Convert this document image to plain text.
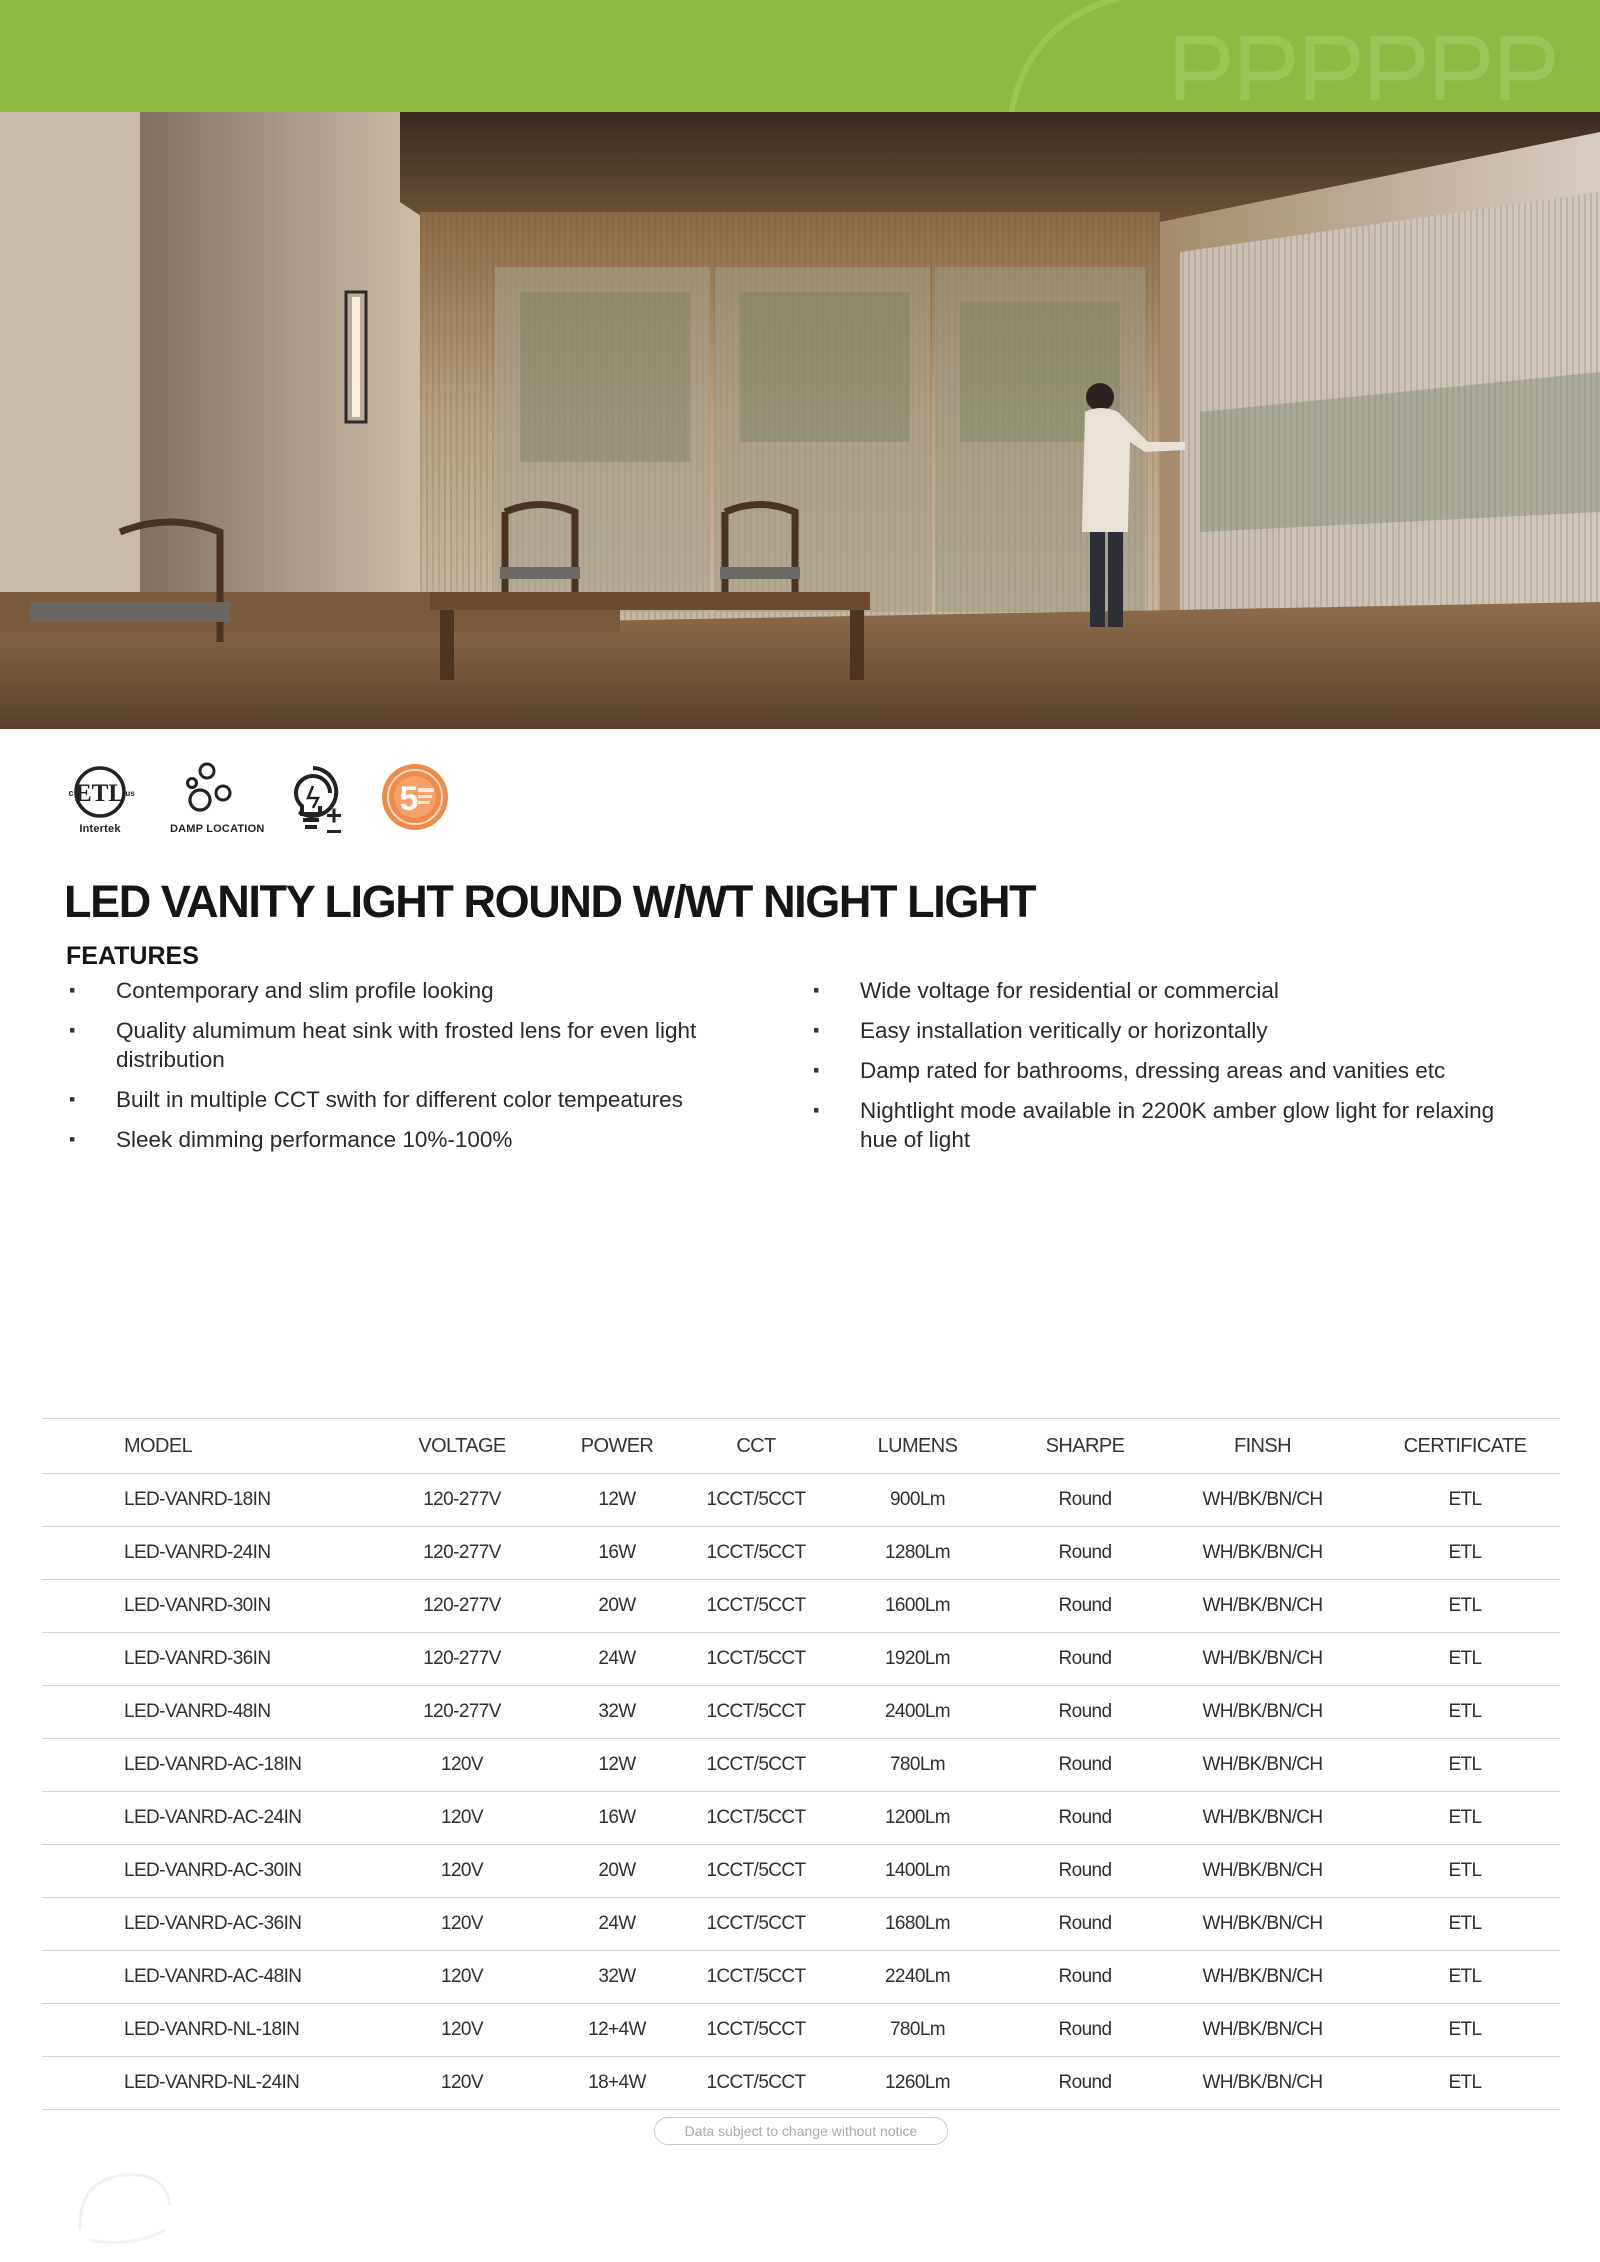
ETL
c	us
Intertek	DAMP LOCATION
5
LED VANITY LIGHT ROUND W/WT NIGHT LIGHT
FEATURES
▪ Contemporary and slim profile looking
▪ Quality alumimum heat sink with frosted lens for even light distribution
▪ Built in multiple CCT swith for different color tempeatures
▪ Sleek dimming performance 10%-100%
▪ Wide voltage for residential or commercial
▪ Easy installation veritically or horizontally
▪ Damp rated for bathrooms, dressing areas and vanities etc
▪ Nightlight mode available in 2200K amber glow light for relaxing hue of light
MODEL	VOLTAGE	POWER	CCT	LUMENS	SHARPE	FINSH	CERTIFICATE
LED-VANRD-18IN	120-277V	12W	1CCT/5CCT	900Lm	Round	WH/BK/BN/CH	ETL
LED-VANRD-24IN	120-277V	16W	1CCT/5CCT	1280Lm	Round	WH/BK/BN/CH	ETL
LED-VANRD-30IN	120-277V	20W	1CCT/5CCT	1600Lm	Round	WH/BK/BN/CH	ETL
LED-VANRD-36IN	120-277V	24W	1CCT/5CCT	1920Lm	Round	WH/BK/BN/CH	ETL
LED-VANRD-48IN	120-277V	32W	1CCT/5CCT	2400Lm	Round	WH/BK/BN/CH	ETL
LED-VANRD-AC-18IN	120V	12W	1CCT/5CCT	780Lm	Round	WH/BK/BN/CH	ETL
LED-VANRD-AC-24IN	120V	16W	1CCT/5CCT	1200Lm	Round	WH/BK/BN/CH	ETL
LED-VANRD-AC-30IN	120V	20W	1CCT/5CCT	1400Lm	Round	WH/BK/BN/CH	ETL
LED-VANRD-AC-36IN	120V	24W	1CCT/5CCT	1680Lm	Round	WH/BK/BN/CH	ETL
LED-VANRD-AC-48IN	120V	32W	1CCT/5CCT	2240Lm	Round	WH/BK/BN/CH	ETL
LED-VANRD-NL-18IN	120V	12+4W	1CCT/5CCT	780Lm	Round	WH/BK/BN/CH	ETL
LED-VANRD-NL-24IN	120V	18+4W	1CCT/5CCT	1260Lm	Round	WH/BK/BN/CH	ETL
Data subject to change without notice
